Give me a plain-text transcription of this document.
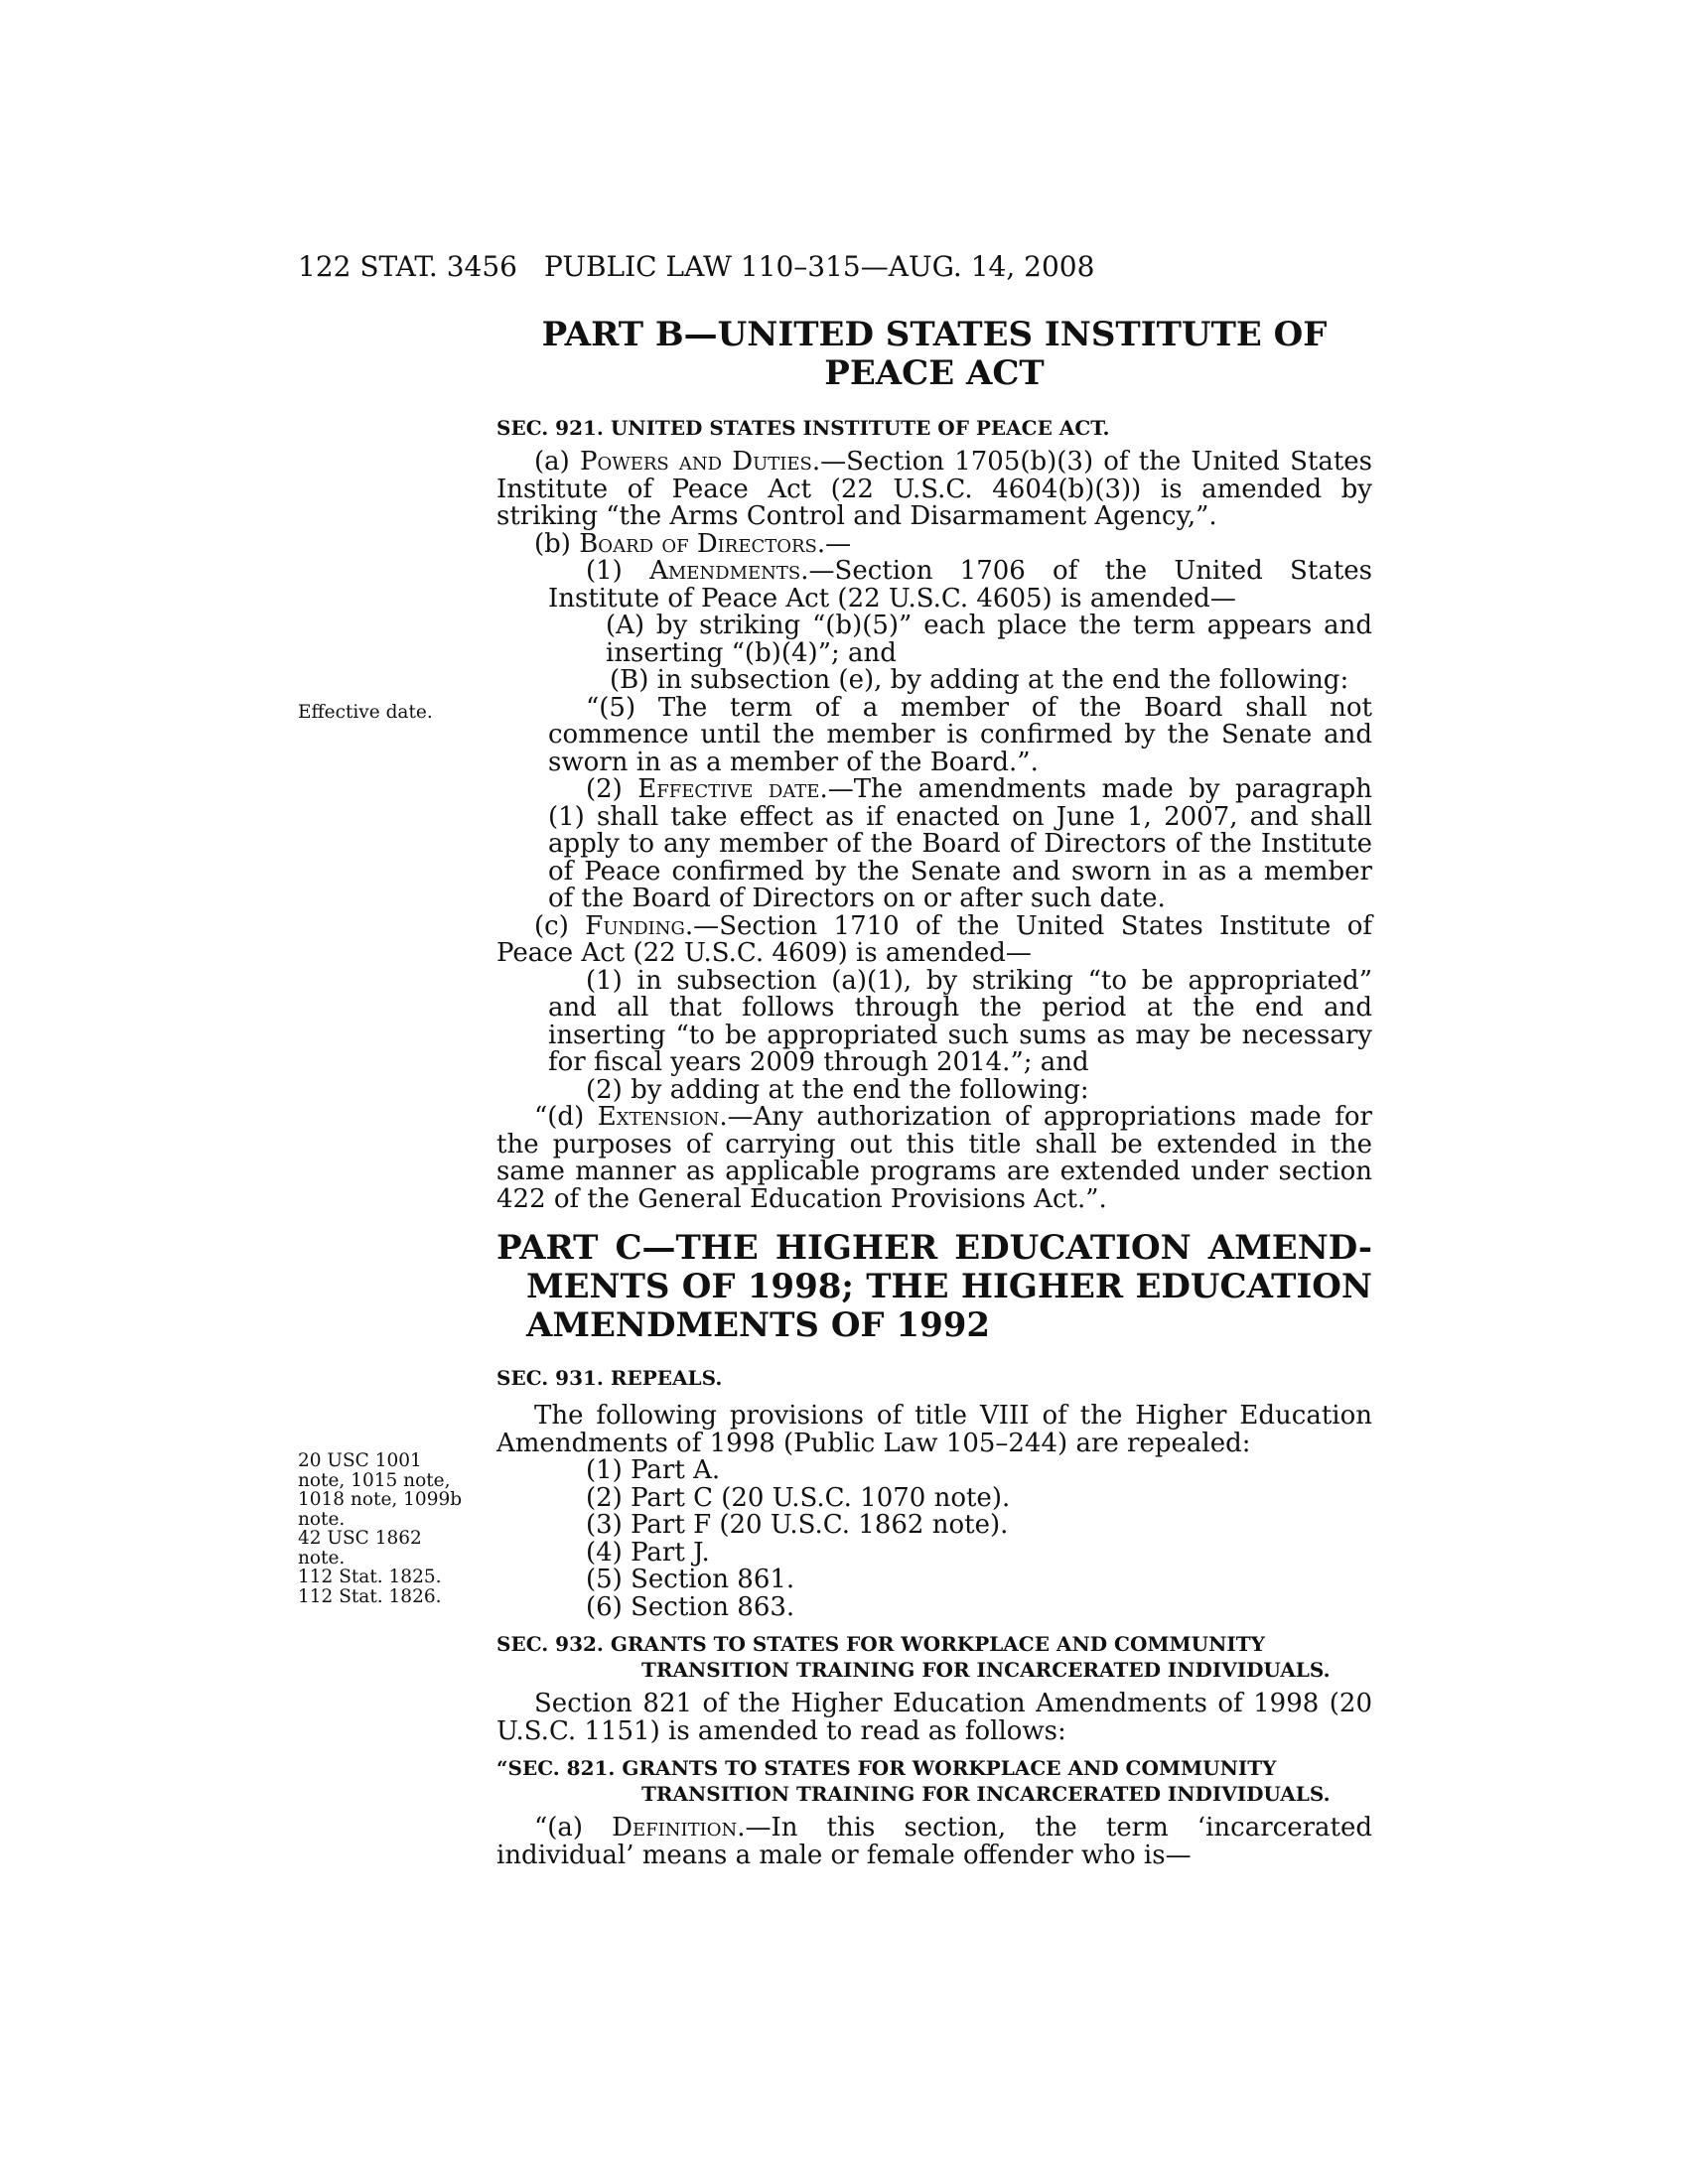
122 STAT. 3456 PUBLIC LAW 110–315—AUG. 14, 2008
Effective date.
20 USC 1001 note, 1015 note, 1018 note, 1099b note.
42 USC 1862 note.
112 Stat. 1825.
112 Stat. 1826.
PART B—UNITED STATES INSTITUTE OF
PEACE ACT
SEC. 921. UNITED STATES INSTITUTE OF PEACE ACT.

(a) Powers and Duties.—Section 1705(b)(3) of the United States Institute of Peace Act (22 U.S.C. 4604(b)(3)) is amended by striking “the Arms Control and Disarmament Agency,”.

(b) Board of Directors.—

(1) Amendments.—Section 1706 of the United States Institute of Peace Act (22 U.S.C. 4605) is amended—

(A) by striking “(b)(5)” each place the term appears and inserting “(b)(4)”; and

(B) in subsection (e), by adding at the end the following:

“(5) The term of a member of the Board shall not commence until the member is confirmed by the Senate and sworn in as a member of the Board.”.

(2) Effective date.—The amendments made by paragraph (1) shall take effect as if enacted on June 1, 2007, and shall apply to any member of the Board of Directors of the Institute of Peace confirmed by the Senate and sworn in as a member of the Board of Directors on or after such date.

(c) Funding.—Section 1710 of the United States Institute of Peace Act (22 U.S.C. 4609) is amended—

(1) in subsection (a)(1), by striking “to be appropriated” and all that follows through the period at the end and inserting “to be appropriated such sums as may be necessary for fiscal years 2009 through 2014.”; and

(2) by adding at the end the following:

“(d) Extension.—Any authorization of appropriations made for the purposes of carrying out this title shall be extended in the same manner as applicable programs are extended under section 422 of the General Education Provisions Act.”.

PART C—THE HIGHER EDUCATION AMEND-MENTS OF 1998; THE HIGHER EDUCATION AMENDMENTS OF 1992
SEC. 931. REPEALS.

The following provisions of title VIII of the Higher Education Amendments of 1998 (Public Law 105–244) are repealed:

(1) Part A.

(2) Part C (20 U.S.C. 1070 note).

(3) Part F (20 U.S.C. 1862 note).

(4) Part J.

(5) Section 861.

(6) Section 863.

SEC. 932. GRANTS TO STATES FOR WORKPLACE AND COMMUNITY TRANSITION TRAINING FOR INCARCERATED INDIVIDUALS.

Section 821 of the Higher Education Amendments of 1998 (20 U.S.C. 1151) is amended to read as follows:

“SEC. 821. GRANTS TO STATES FOR WORKPLACE AND COMMUNITY TRANSITION TRAINING FOR INCARCERATED INDIVIDUALS.

“(a) Definition.—In this section, the term ‘incarcerated individual’ means a male or female offender who is—
